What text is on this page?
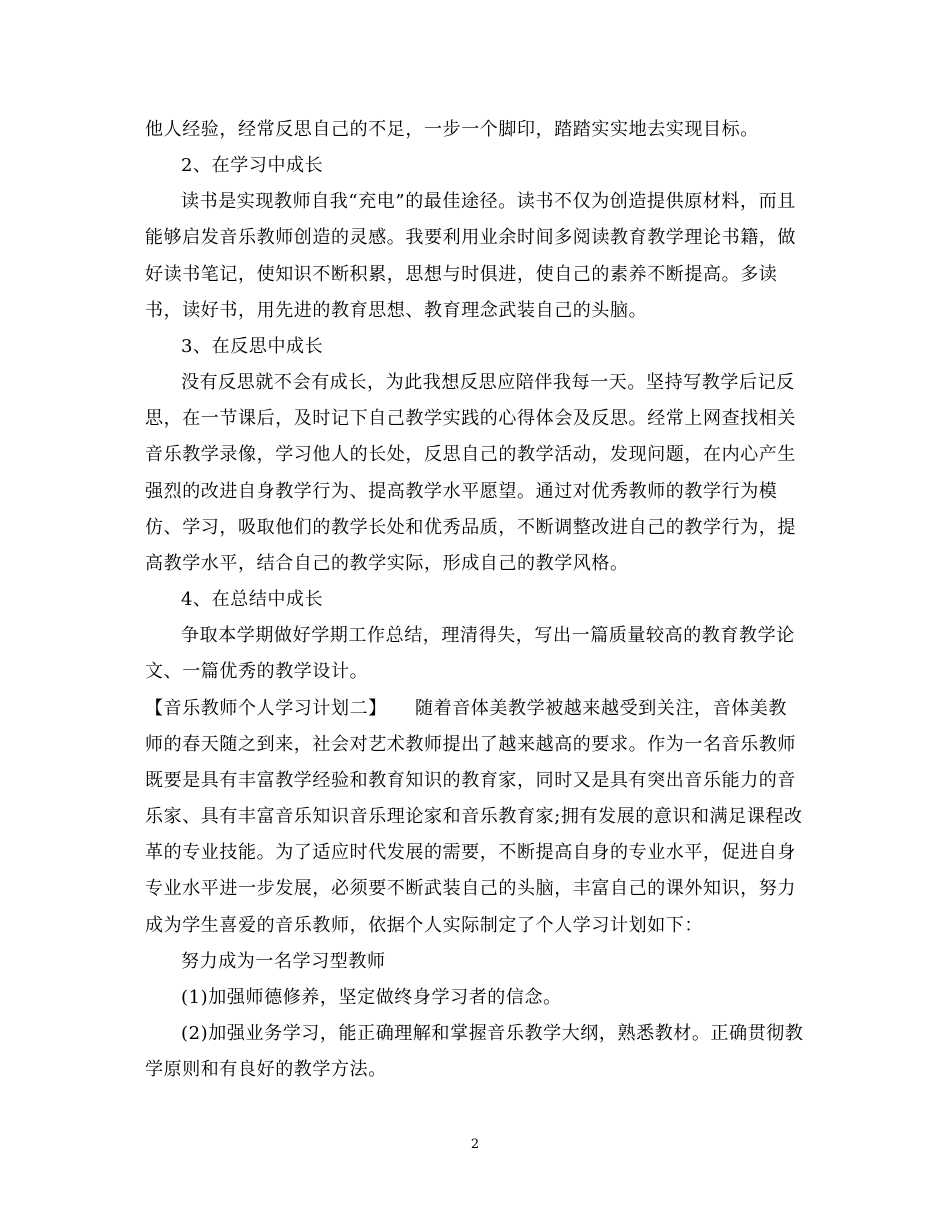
他人经验，经常反思自己的不足，一步一个脚印，踏踏实实地去实现目标。
2、在学习中成长
读书是实现教师自我“充电”的最佳途径。读书不仅为创造提供原材料，而且
能够启发音乐教师创造的灵感。我要利用业余时间多阅读教育教学理论书籍，做
好读书笔记，使知识不断积累，思想与时俱进，使自己的素养不断提高。多读
书，读好书，用先进的教育思想、教育理念武装自己的头脑。
3、在反思中成长
没有反思就不会有成长，为此我想反思应陪伴我每一天。坚持写教学后记反
思，在一节课后，及时记下自己教学实践的心得体会及反思。经常上网查找相关
音乐教学录像，学习他人的长处，反思自己的教学活动，发现问题，在内心产生
强烈的改进自身教学行为、提高教学水平愿望。通过对优秀教师的教学行为模
仿、学习，吸取他们的教学长处和优秀品质，不断调整改进自己的教学行为，提
高教学水平，结合自己的教学实际，形成自己的教学风格。
4、在总结中成长
争取本学期做好学期工作总结，理清得失，写出一篇质量较高的教育教学论
文、一篇优秀的教学设计。
【音乐教师个人学习计划二】　　随着音体美教学被越来越受到关注，音体美教
师的春天随之到来，社会对艺术教师提出了越来越高的要求。作为一名音乐教师
既要是具有丰富教学经验和教育知识的教育家，同时又是具有突出音乐能力的音
乐家、具有丰富音乐知识音乐理论家和音乐教育家;拥有发展的意识和满足课程改
革的专业技能。为了适应时代发展的需要，不断提高自身的专业水平，促进自身
专业水平进一步发展，必须要不断武装自己的头脑，丰富自己的课外知识，努力
成为学生喜爱的音乐教师，依据个人实际制定了个人学习计划如下：
努力成为一名学习型教师
(1)加强师德修养，坚定做终身学习者的信念。
(2)加强业务学习，能正确理解和掌握音乐教学大纲，熟悉教材。正确贯彻教
学原则和有良好的教学方法。
2
